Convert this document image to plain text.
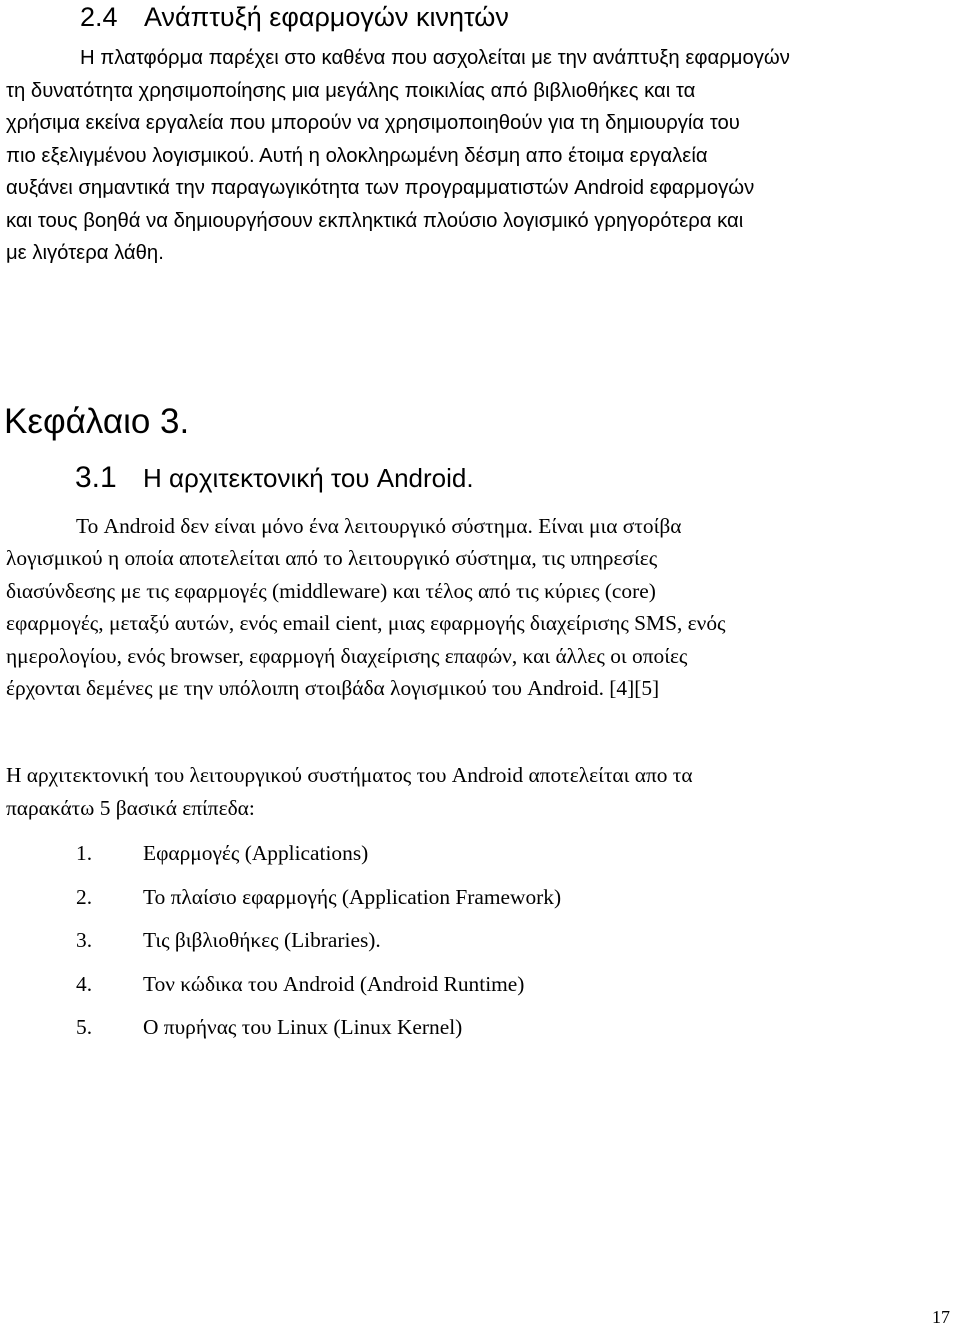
2.4 Ανάπτυξή εφαρμογών κινητών
Η πλατφόρμα παρέχει στο καθένα που ασχολείται με την ανάπτυξη εφαρμογών
τη δυνατότητα χρησιμοποίησης μια μεγάλης ποικιλίας από βιβλιοθήκες και τα
χρήσιμα εκείνα εργαλεία που μπορούν να χρησιμοποιηθούν για τη δημιουργία του
πιο εξελιγμένου λογισμικού. Αυτή η ολοκληρωμένη δέσμη απο έτοιμα εργαλεία
αυξάνει σημαντικά την παραγωγικότητα των προγραμματιστών Android εφαρμογών
και τους βοηθά να δημιουργήσουν εκπληκτικά πλούσιο λογισμικό γρηγορότερα και
με λιγότερα λάθη.
Κεφάλαιο 3.
3.1 Η αρχιτεκτονική του Android.
Το Android δεν είναι μόνο ένα λειτουργικό σύστημα. Είναι μια στοίβα
λογισμικού η οποία αποτελείται από το λειτουργικό σύστημα, τις υπηρεσίες
διασύνδεσης με τις εφαρμογές (middleware) και τέλος από τις κύριες (core)
εφαρμογές, μεταξύ αυτών, ενός email cient, μιας εφαρμογής διαχείρισης SMS, ενός
ημερολογίου, ενός browser, εφαρμογή διαχείρισης επαφών, και άλλες οι οποίες
έρχονται δεμένες με την υπόλοιπη στοιβάδα λογισμικού του Android. [4][5]
Η αρχιτεκτονική του λειτουργικού συστήματος του Android αποτελείται απο τα
παρακάτω 5 βασικά επίπεδα:
1. Εφαρμογές (Applications)
2. Το πλαίσιο εφαρμογής (Application Framework)
3. Τις βιβλιοθήκες (Libraries).
4. Τον κώδικα του Android (Android Runtime)
5. Ο πυρήνας του Linux (Linux Kernel)
17
